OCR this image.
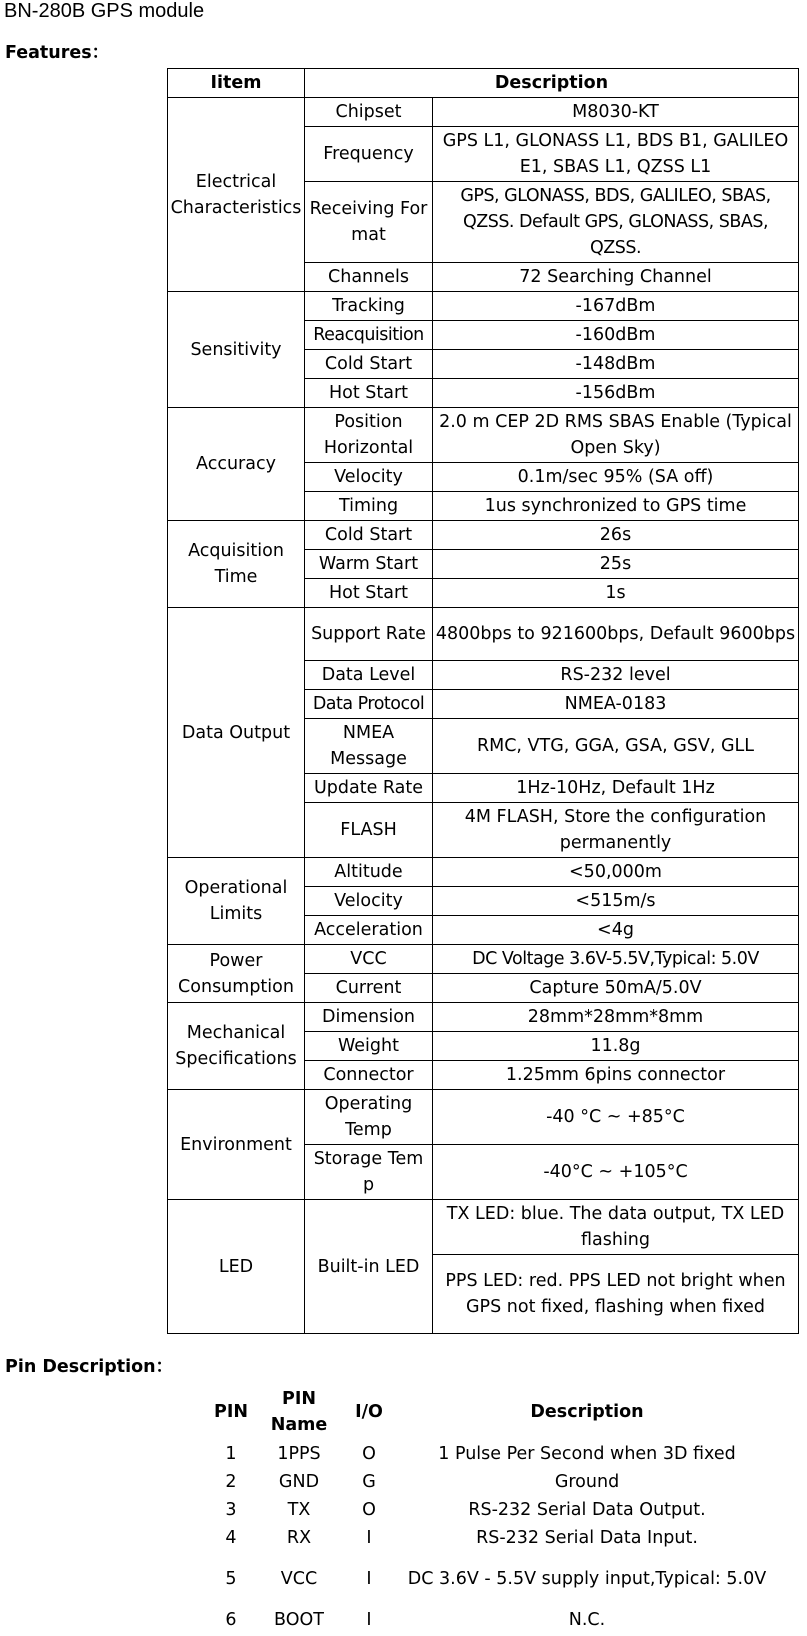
BN-280B GPS module
Features：
Iitem	Description	
Electrical Characteristics	Chipset	M8030-KT
	Frequency	GPS L1, GLONASS L1, BDS B1, GALILEO E1, SBAS L1, QZSS L1
	Receiving For mat	GPS, GLONASS, BDS, GALILEO, SBAS, QZSS. Default GPS, GLONASS, SBAS, QZSS.
	Channels	72 Searching Channel
Sensitivity	Tracking	-167dBm
	Reacquisition	-160dBm
	Cold Start	-148dBm
	Hot Start	-156dBm
Accuracy	Position Horizontal	2.0 m CEP 2D RMS SBAS Enable (Typical Open Sky)
	Velocity	0.1m/sec 95% (SA off)
	Timing	1us synchronized to GPS time
Acquisition Time	Cold Start	26s
	Warm Start	25s
	Hot Start	1s
Data Output	Support Rate	4800bps to 921600bps, Default 9600bps
	Data Level	RS-232 level
	Data Protocol	NMEA-0183
	NMEA Message	RMC, VTG, GGA, GSA, GSV, GLL
	Update Rate	1Hz-10Hz, Default 1Hz
	FLASH	4M FLASH, Store the configuration permanently
Operational Limits	Altitude	<50,000m
	Velocity	<515m/s
	Acceleration	<4g
Power Consumption	VCC	DC Voltage 3.6V-5.5V,Typical: 5.0V
	Current	Capture 50mA/5.0V
Mechanical Specifications	Dimension	28mm*28mm*8mm
	Weight	11.8g
	Connector	1.25mm 6pins connector
Environment	Operating Temp	-40 °C ~ +85°C
	Storage Tem p	-40°C ~ +105°C
LED	Built-in LED	TX LED: blue. The data output, TX LED flashing
		PPS LED: red. PPS LED not bright when GPS not fixed, flashing when fixed
Pin Description：
PIN	PIN Name	I/O	Description
1	1PPS	O	1 Pulse Per Second when 3D fixed
2	GND	G	Ground
3	TX	O	RS-232 Serial Data Output.
4	RX	I	RS-232 Serial Data Input.
5	VCC	I	DC 3.6V - 5.5V supply input,Typical: 5.0V
6	BOOT	I	N.C.
